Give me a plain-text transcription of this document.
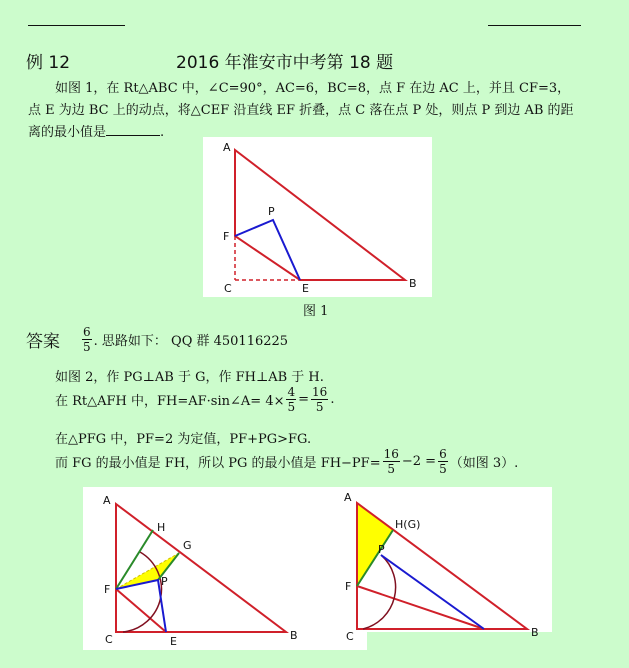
例 12	2016 年淮安市中考第 18 题
如图 1，在 Rt△ABC 中，∠C=90°，AC=6，BC=8，点 F 在边 AC 上，并且 CF=3，
点 E 为边 BC 上的动点，将△CEF 沿直线 EF 折叠，点 C 落在点 P 处，则点 P 到边 AB 的距
离的最小值是	.
A
B
C	E
F
P
A
B
C	E
F
G
H
P
A
B
C
F
H(G)
P
图 1
答案 $\frac{6}{5}$ . 思路如下： QQ 群 450116225
如图 2，作 PG⊥AB 于 G，作 FH⊥AB 于 H.
在 Rt△AFH 中，FH=AF·sin∠A= $4\times \frac{4}{5} = \frac{16}{5}$ .
在△PFG 中，PF=2 为定值，PF+PG>FG.
而 FG 的最小值是 FH，所以 PG 的最小值是 $FH-PF= \frac{16}{5} -2 = \frac{6}{5}$ （如图 3）.
